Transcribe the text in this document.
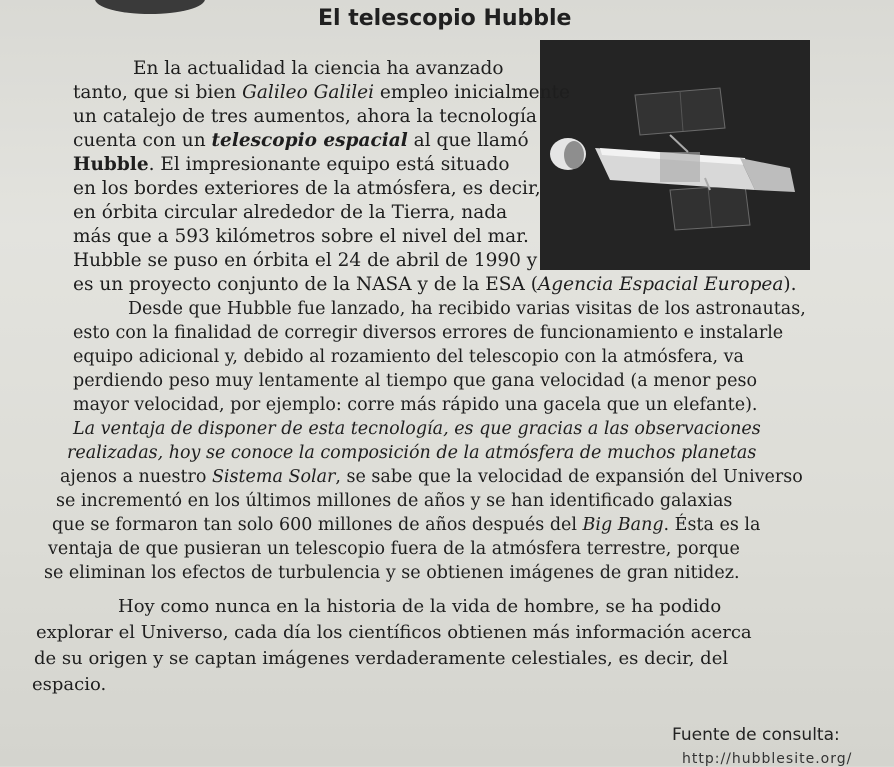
El telescopio Hubble
En la actualidad la ciencia ha avanzado
tanto, que si bien Galileo Galilei empleo inicialmente
un catalejo de tres aumentos, ahora la tecnología
cuenta con un telescopio espacial al que llamó
Hubble. El impresionante equipo está situado
en los bordes exteriores de la atmósfera, es decir,
en órbita circular alrededor de la Tierra, nada
más que a 593 kilómetros sobre el nivel del mar.
Hubble se puso en órbita el 24 de abril de 1990 y
es un proyecto conjunto de la NASA y de la ESA (Agencia Espacial Europea).
Desde que Hubble fue lanzado, ha recibido varias visitas de los astronautas,
esto con la finalidad de corregir diversos errores de funcionamiento e instalarle
equipo adicional y, debido al rozamiento del telescopio con la atmósfera, va
perdiendo peso muy lentamente al tiempo que gana velocidad (a menor peso
mayor velocidad, por ejemplo: corre más rápido una gacela que un elefante).
La ventaja de disponer de esta tecnología, es que gracias a las observaciones
realizadas, hoy se conoce la composición de la atmósfera de muchos planetas
ajenos a nuestro Sistema Solar, se sabe que la velocidad de expansión del Universo
se incrementó en los últimos millones de años y se han identificado galaxias
que se formaron tan solo 600 millones de años después del Big Bang. Ésta es la
ventaja de que pusieran un telescopio fuera de la atmósfera terrestre, porque
se eliminan los efectos de turbulencia y se obtienen imágenes de gran nitidez.
Hoy como nunca en la historia de la vida de hombre, se ha podido
explorar el Universo, cada día los científicos obtienen más información acerca
de su origen y se captan imágenes verdaderamente celestiales, es decir, del
espacio.
Fuente de consulta:
http://hubblesite.org/
